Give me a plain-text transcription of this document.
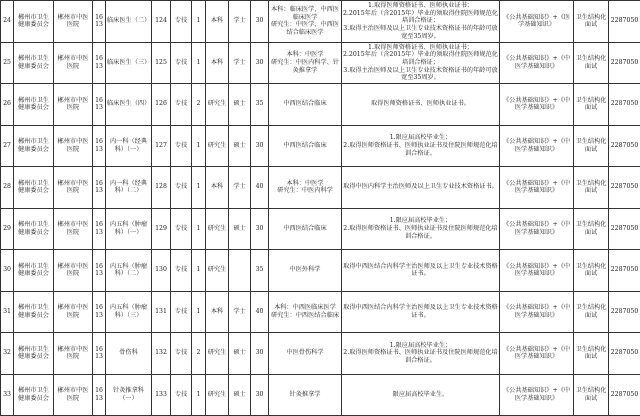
24	郴州市卫生健康委员会	郴州市中医医院	1613	临床医生（二）	124	专技	1	本科	学士	30	本科：临床医学，中西医临床医学
研究生：中医学，中西医结合临床医学	1.取得医师资格证书、医师执业证书；
2.2015年后（含2015年）毕业的须取得住院医师规范化培训合格证；
3.取得主治医师及以上卫生专业技术资格证书的年龄可放宽至35周岁。	《公共基础知识》+《医学基础知识》	卫生结构化面试	2287050
25	郴州市卫生健康委员会	郴州市中医医院	1613	临床医生（三）	125	专技	1	本科	学士	30	本科：中医学
研究生：中医内科学、针灸推拿学	1.取得医师资格证书、医师执业证书；
2.2015年后（含2015年）毕业的须取得住院医师规范化培训合格证；
3.取得主治医师及以上卫生专业技术资格证书的年龄可放宽至35周岁。	《公共基础知识》+《中医学基础知识》	卫生结构化面试	2287050
26	郴州市卫生健康委员会	郴州市中医医院	1613	临床医生（四）	126	专技	2	研究生	硕士	35	中西医结合临床	取得医师资格证书、医师执业证书。	《公共基础知识》+《中医学基础知识》	卫生结构化面试	2287050
27	郴州市卫生健康委员会	郴州市中医医院	1613	内一科（经典科）（一）	127	专技	1	研究生	硕士	30	中西医结合临床	1.限应届高校毕业生；
2.取得医师资格证书、医师执业证书及住院医师规范化培训合格证。	《公共基础知识》+《中医学基础知识》	卫生结构化面试	2287050
28	郴州市卫生健康委员会	郴州市中医医院	1613	内一科（经典科）（二）	128	专技	1	本科	学士	40	本科：中医学
研究生：中医内科学	取得中医内科学主治医师及以上卫生专业技术资格证书。	《公共基础知识》+《中医学基础知识》	卫生结构化面试	2287050
29	郴州市卫生健康委员会	郴州市中医医院	1613	内五科（肿瘤科）（一）	129	专技	1	研究生	硕士	30	中西医结合临床	1.限应届高校毕业生；
2.取得医师资格证书、医师执业证书及住院医师规范化培训合格证。	《公共基础知识》+《中医学基础知识》	卫生结构化面试	2287050
30	郴州市卫生健康委员会	郴州市中医医院	1613	内五科（肿瘤科）（二）	130	专技	1	研究生		35	中医外科学	取得中西医结合内科学主治医师及以上卫生专业技术资格证书。	《公共基础知识》+《中医学基础知识》	卫生结构化面试	2287050
31	郴州市卫生健康委员会	郴州市中医医院	1613	内五科（肿瘤科）（三）	131	专技	1	本科	学士	40	本科：中西医临床医学
研究生：中西医结合临床	取得中西医结合内科学主治医师及以上卫生专业技术资格证书。	《公共基础知识》+《中医学基础知识》	卫生结构化面试	2287050
32	郴州市卫生健康委员会	郴州市中医医院	1613	骨伤科	132	专技	2	研究生	硕士	30	中医骨伤科学	1.限应届高校毕业生；
2.取得医师资格证书、医师执业证书及住院医师规范化培训合格证。	《公共基础知识》+《中医学基础知识》	卫生结构化面试	2287050
33	郴州市卫生健康委员会	郴州市中医医院	1613	针灸推拿科（一）	133	专技	1	研究生	硕士	30	针灸推拿学	限应届高校毕业生。	《公共基础知识》+《中医学基础知识》	卫生结构化面试	2287050
